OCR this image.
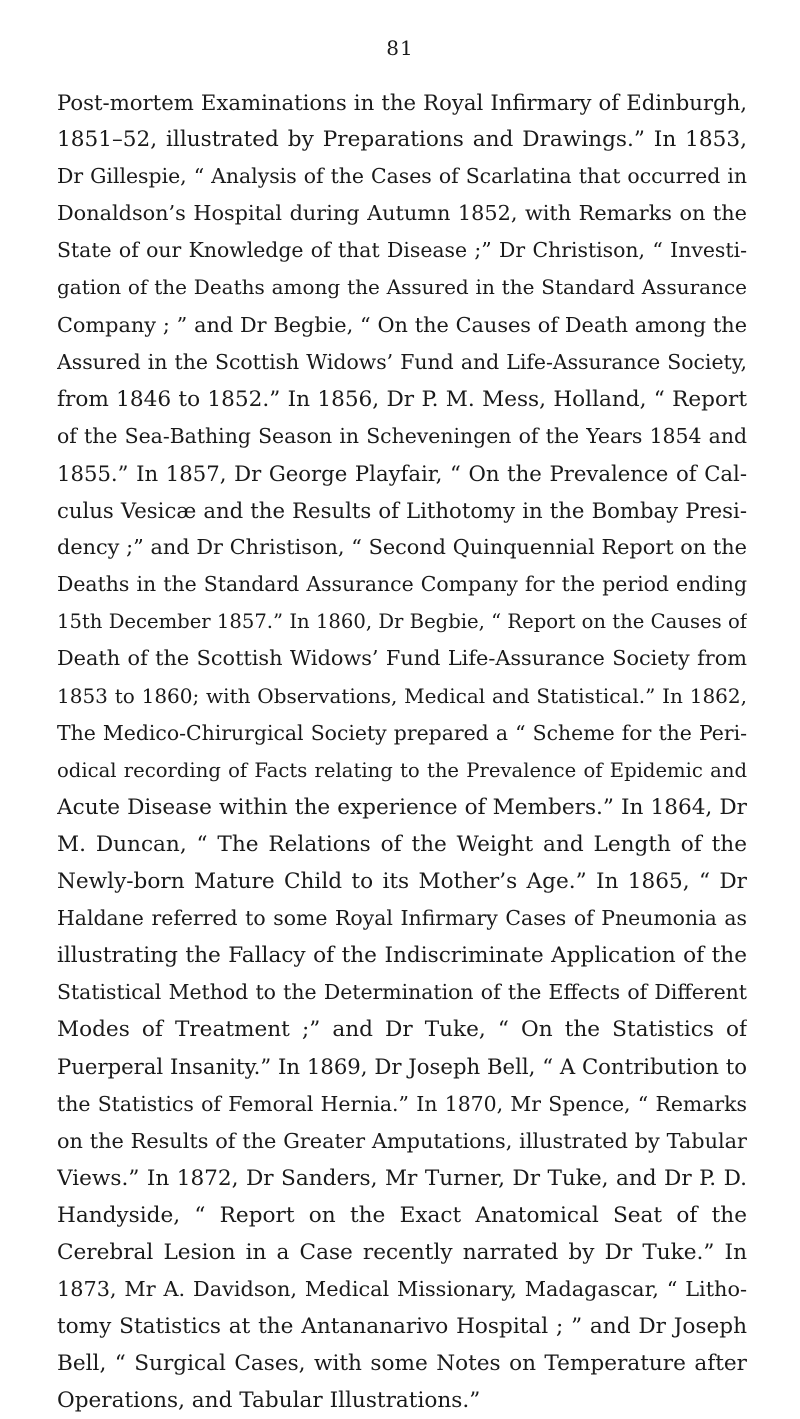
81
Post-mortem Examinations in the Royal Infirmary of Edinburgh,
1851–52, illustrated by Preparations and Drawings.” In 1853,
Dr Gillespie, “ Analysis of the Cases of Scarlatina that occurred in
Donaldson’s Hospital during Autumn 1852, with Remarks on the
State of our Knowledge of that Disease ;” Dr Christison, “ Investi-
gation of the Deaths among the Assured in the Standard Assurance
Company ; ” and Dr Begbie, “ On the Causes of Death among the
Assured in the Scottish Widows’ Fund and Life-Assurance Society,
from 1846 to 1852.” In 1856, Dr P. M. Mess, Holland, “ Report
of the Sea-Bathing Season in Scheveningen of the Years 1854 and
1855.” In 1857, Dr George Playfair, “ On the Prevalence of Cal-
culus Vesicæ and the Results of Lithotomy in the Bombay Presi-
dency ;” and Dr Christison, “ Second Quinquennial Report on the
Deaths in the Standard Assurance Company for the period ending
15th December 1857.” In 1860, Dr Begbie, “ Report on the Causes of
Death of the Scottish Widows’ Fund Life-Assurance Society from
1853 to 1860; with Observations, Medical and Statistical.” In 1862,
The Medico-Chirurgical Society prepared a “ Scheme for the Peri-
odical recording of Facts relating to the Prevalence of Epidemic and
Acute Disease within the experience of Members.” In 1864, Dr
M. Duncan, “ The Relations of the Weight and Length of the
Newly-born Mature Child to its Mother’s Age.” In 1865, “ Dr
Haldane referred to some Royal Infirmary Cases of Pneumonia as
illustrating the Fallacy of the Indiscriminate Application of the
Statistical Method to the Determination of the Effects of Different
Modes of Treatment ;” and Dr Tuke, “ On the Statistics of
Puerperal Insanity.” In 1869, Dr Joseph Bell, “ A Contribution to
the Statistics of Femoral Hernia.” In 1870, Mr Spence, “ Remarks
on the Results of the Greater Amputations, illustrated by Tabular
Views.” In 1872, Dr Sanders, Mr Turner, Dr Tuke, and Dr P. D.
Handyside, “ Report on the Exact Anatomical Seat of the
Cerebral Lesion in a Case recently narrated by Dr Tuke.” In
1873, Mr A. Davidson, Medical Missionary, Madagascar, “ Litho-
tomy Statistics at the Antananarivo Hospital ; ” and Dr Joseph
Bell, “ Surgical Cases, with some Notes on Temperature after
Operations, and Tabular Illustrations.”
